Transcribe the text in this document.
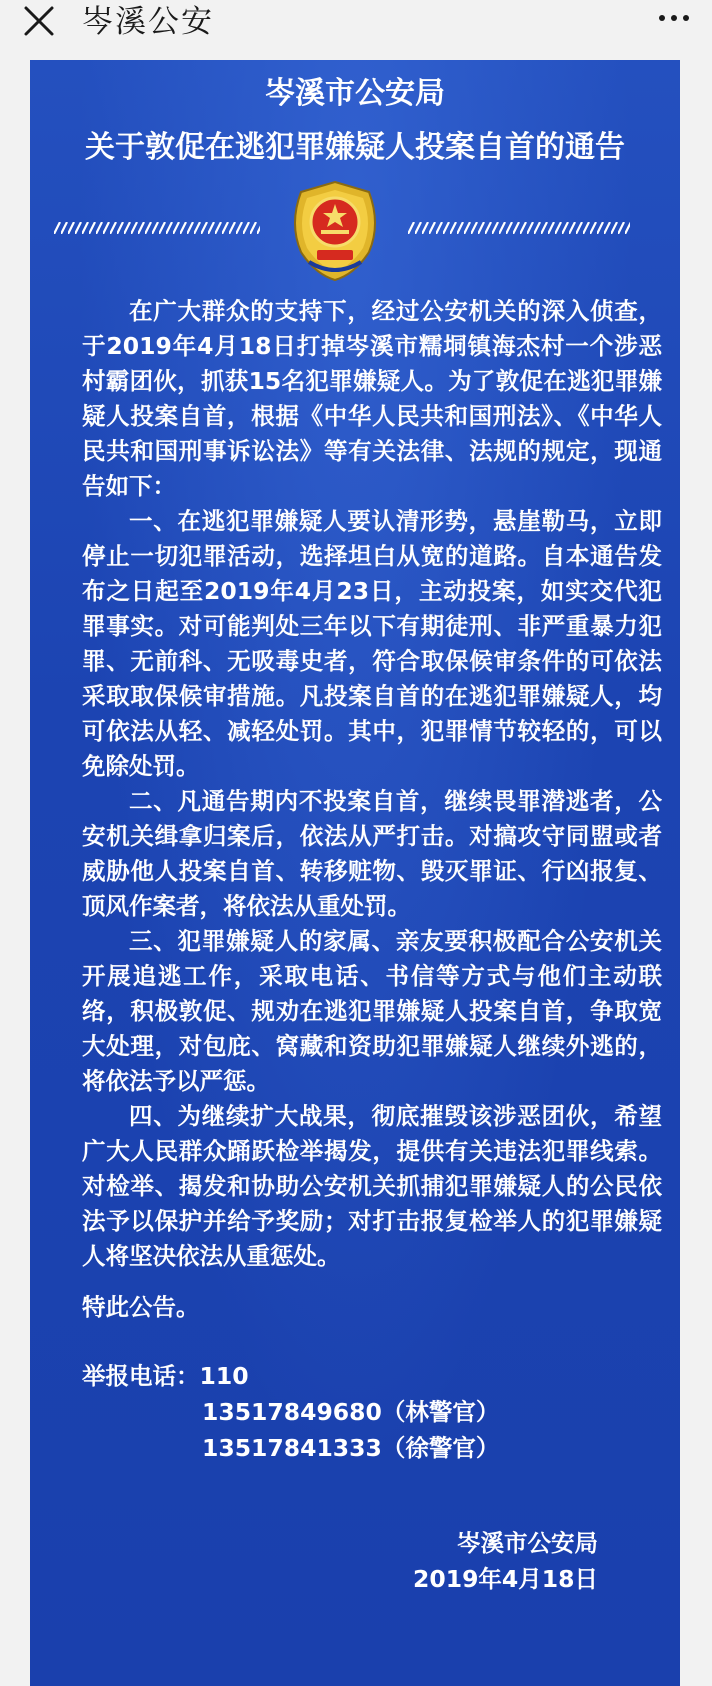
岑溪公安
岑溪市公安局
关于敦促在逃犯罪嫌疑人投案自首的通告

在广大群众的支持下，经过公安机关的深入侦查，于2019年4月18日打掉岑溪市糯垌镇海杰村一个涉恶村霸团伙，抓获15名犯罪嫌疑人。为了敦促在逃犯罪嫌疑人投案自首，根据《中华人民共和国刑法》、《中华人民共和国刑事诉讼法》等有关法律、法规的规定，现通告如下：

一、在逃犯罪嫌疑人要认清形势，悬崖勒马，立即停止一切犯罪活动，选择坦白从宽的道路。自本通告发布之日起至2019年4月23日，主动投案，如实交代犯罪事实。对可能判处三年以下有期徒刑、非严重暴力犯罪、无前科、无吸毒史者，符合取保候审条件的可依法采取取保候审措施。凡投案自首的在逃犯罪嫌疑人，均可依法从轻、减轻处罚。其中，犯罪情节较轻的，可以免除处罚。

二、凡通告期内不投案自首，继续畏罪潜逃者，公安机关缉拿归案后，依法从严打击。对搞攻守同盟或者威胁他人投案自首、转移赃物、毁灭罪证、行凶报复、顶风作案者，将依法从重处罚。

三、犯罪嫌疑人的家属、亲友要积极配合公安机关开展追逃工作，采取电话、书信等方式与他们主动联络，积极敦促、规劝在逃犯罪嫌疑人投案自首，争取宽大处理，对包庇、窝藏和资助犯罪嫌疑人继续外逃的，将依法予以严惩。

四、为继续扩大战果，彻底摧毁该涉恶团伙，希望广大人民群众踊跃检举揭发，提供有关违法犯罪线索。对检举、揭发和协助公安机关抓捕犯罪嫌疑人的公民依法予以保护并给予奖励；对打击报复检举人的犯罪嫌疑人将坚决依法从重惩处。

特此公告。
举报电话：110
13517849680（林警官）
13517841333（徐警官）
岑溪市公安局
2019年4月18日
